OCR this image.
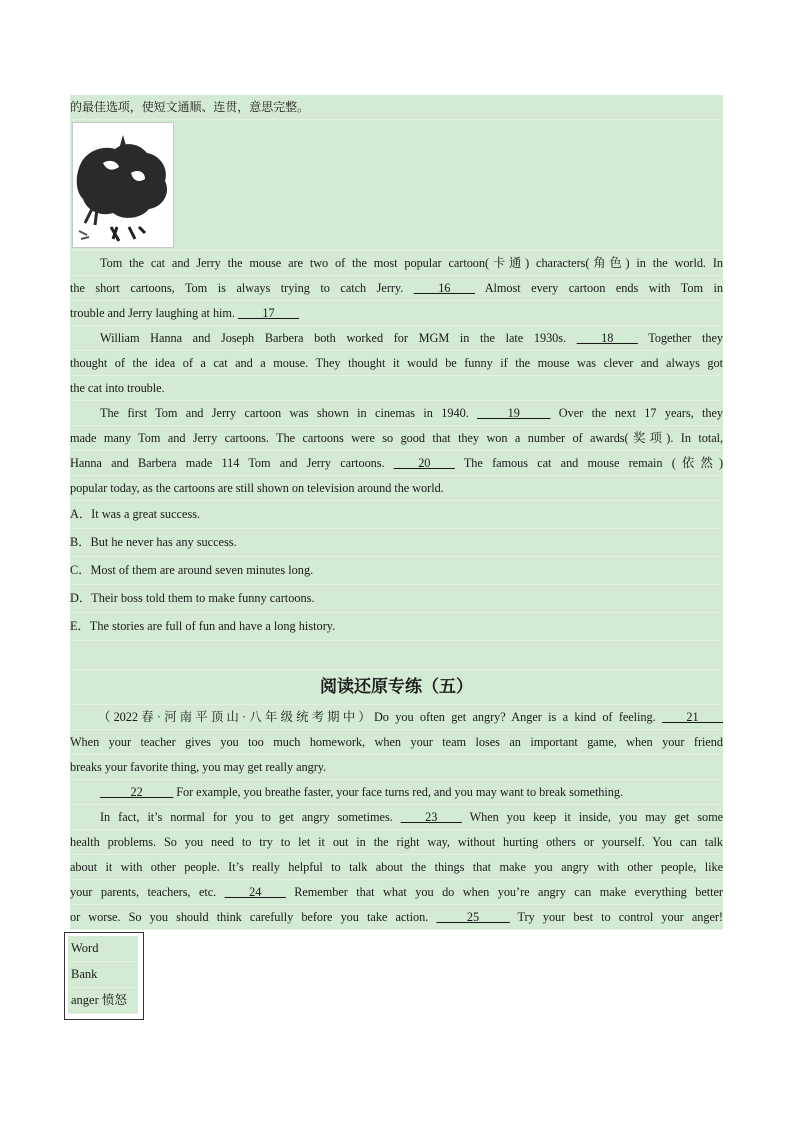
的最佳选项，使短文通顺、连贯，意思完整。
Tom the cat and Jerry the mouse are two of the most popular cartoon(卡通) characters(角色) in the world. In
the short cartoons, Tom is always trying to catch Jerry. ____16____ Almost every cartoon ends with Tom in
trouble and Jerry laughing at him. ____17____
William Hanna and Joseph Barbera both worked for MGM in the late 1930s. ____18____ Together they
thought of the idea of a cat and a mouse. They thought it would be funny if the mouse was clever and always got
the cat into trouble.
The first Tom and Jerry cartoon was shown in cinemas in 1940. _____19_____ Over the next 17 years, they
made many Tom and Jerry cartoons. The cartoons were so good that they won a number of awards(奖项). In total,
Hanna and Barbera made 114 Tom and Jerry cartoons. ____20____ The famous cat and mouse remain (依然)
popular today, as the cartoons are still shown on television around the world.
A．It was a great success.
B．But he never has any success.
C．Most of them are around seven minutes long.
D．Their boss told them to make funny cartoons.
E．The stories are full of fun and have a long history.
阅读还原专练（五）
（2022春·河南平顶山·八年级统考期中）Do you often get angry? Anger is a kind of feeling. ____21____
When your teacher gives you too much homework, when your team loses an important game, when your friend
breaks your favorite thing, you may get really angry.
_____22_____ For example, you breathe faster, your face turns red, and you may want to break something.
In fact, it’s normal for you to get angry sometimes. ____23____ When you keep it inside, you may get some
health problems. So you need to try to let it out in the right way, without hurting others or yourself. You can talk
about it with other people. It’s really helpful to talk about the things that make you angry with other people, like
your parents, teachers, etc. ____24____ Remember that what you do when you’re angry can make everything better
or worse. So you should think carefully before you take action. _____25_____ Try your best to control your anger!
Word
Bank
anger 愤怒
